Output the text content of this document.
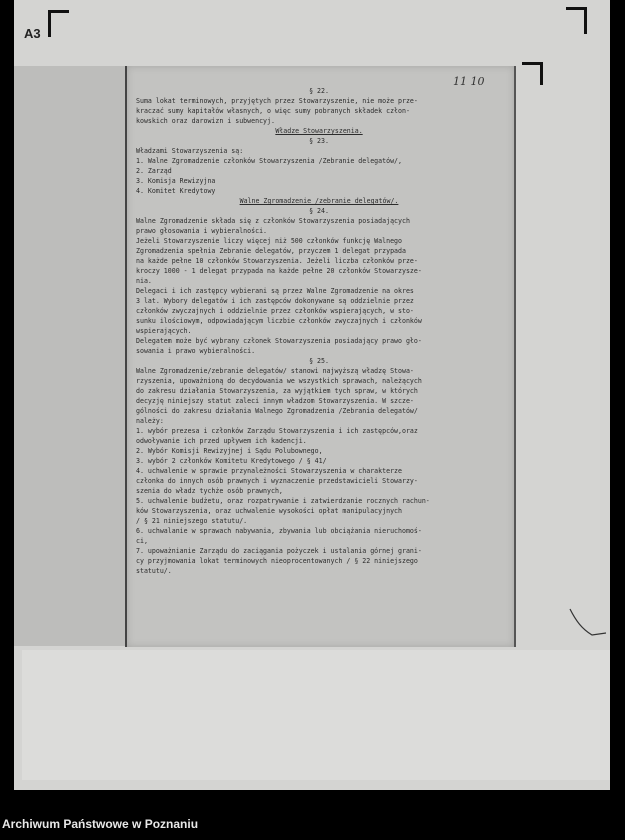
A3
11 10
§ 22.
Suma lokat terminowych, przyjętych przez Stowarzyszenie, nie może prze-
kraczać sumy kapitałów własnych, o więc sumy pobranych składek człon-
kowskich oraz darowizn i subwencyj.
Władze Stowarzyszenia.
§ 23.
Władzami Stowarzyszenia są:
1. Walne Zgromadzenie członków Stowarzyszenia /Zebranie delegatów/,
2. Zarząd
3. Komisja Rewizyjna
4. Komitet Kredytowy
Walne Zgromadzenie /zebranie delegatów/.
§ 24.
Walne Zgromadzenie składa się z członków Stowarzyszenia posiadających
prawo głosowania i wybieralności.
Jeżeli Stowarzyszenie liczy więcej niż 500 członków funkcję Walnego
Zgromadzenia spełnia Zebranie delegatów, przyczem 1 delegat przypada
na każde pełne 10 członków Stowarzyszenia. Jeżeli liczba członków prze-
kroczy 1000 - 1 delegat przypada na każde pełne 20 członków Stowarzysze-
nia.
Delegaci i ich zastępcy wybierani są przez Walne Zgromadzenie na okres
3 lat. Wybory delegatów i ich zastępców dokonywane są oddzielnie przez
członków zwyczajnych i oddzielnie przez członków wspierających, w sto-
sunku ilościowym, odpowiadającym liczbie członków zwyczajnych i członków
wspierających.
Delegatem może być wybrany członek Stowarzyszenia posiadający prawo gło-
sowania i prawo wybieralności.
§ 25.
Walne Zgromadzenie/zebranie delegatów/ stanowi najwyższą władzę Stowa-
rzyszenia, upoważnioną do decydowania we wszystkich sprawach, należących
do zakresu działania Stowarzyszenia, za wyjątkiem tych spraw, w których
decyzję niniejszy statut zaleci innym władzom Stowarzyszenia. W szcze-
gólności do zakresu działania Walnego Zgromadzenia /Zebrania delegatów/
należy:
1. wybór prezesa i członków Zarządu Stowarzyszenia i ich zastępców,oraz
odwoływanie ich przed upływem ich kadencji.
2. Wybór Komisji Rewizyjnej i Sądu Polubownego,
3. wybór 2 członków Komitetu Kredytowego / § 41/
4. uchwalenie w sprawie przynależności Stowarzyszenia w charakterze
członka do innych osób prawnych i wyznaczenie przedstawicieli Stowarzy-
szenia do władz tychże osób prawnych,
5. uchwalenie budżetu, oraz rozpatrywanie i zatwierdzanie rocznych rachun-
ków Stowarzyszenia, oraz uchwalenie wysokości opłat manipulacyjnych
/ § 21 niniejszego statutu/.
6. uchwalanie w sprawach nabywania, zbywania lub obciążania nieruchomoś-
ci,
7. upoważnianie Zarządu do zaciągania pożyczek i ustalania górnej grani-
cy przyjmowania lokat terminowych nieoprocentowanych / § 22 niniejszego
statutu/.
Archiwum Państwowe w Poznaniu
